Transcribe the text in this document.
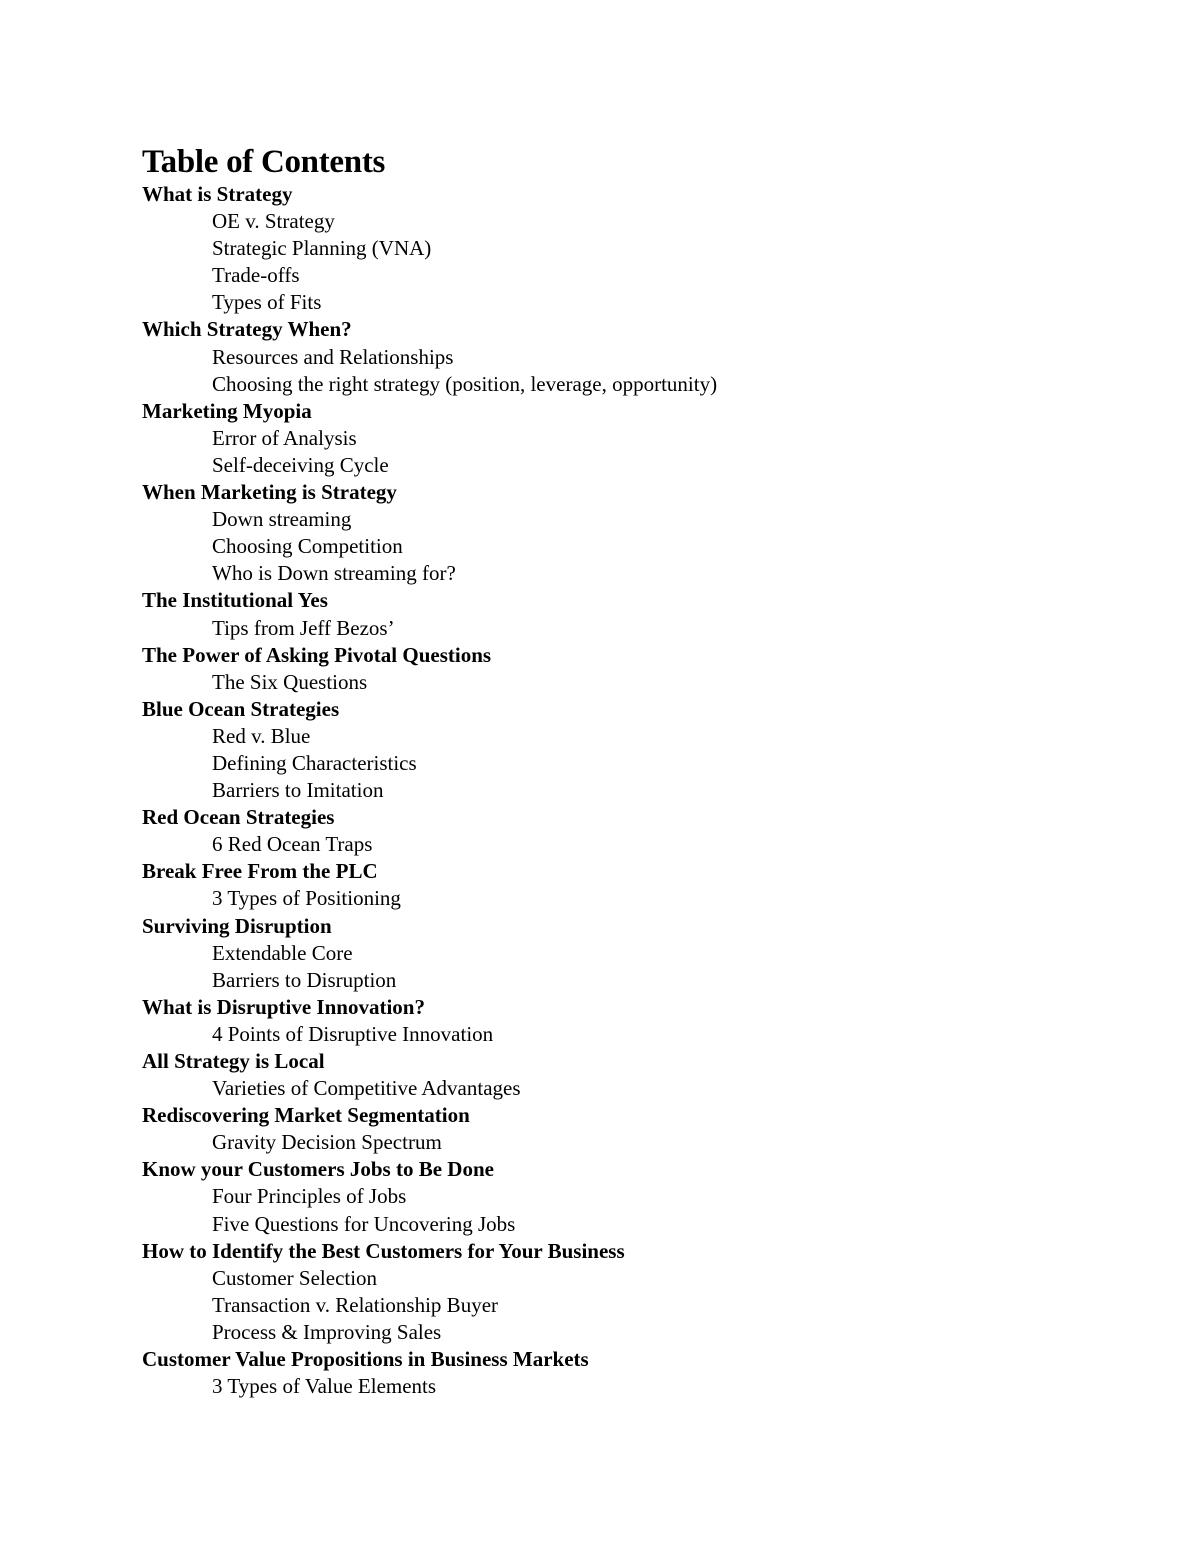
Table of Contents
What is Strategy
OE v. Strategy
Strategic Planning (VNA)
Trade-offs
Types of Fits
Which Strategy When?
Resources and Relationships
Choosing the right strategy (position, leverage, opportunity)
Marketing Myopia
Error of Analysis
Self-deceiving Cycle
When Marketing is Strategy
Down streaming
Choosing Competition
Who is Down streaming for?
The Institutional Yes
Tips from Jeff Bezos’
The Power of Asking Pivotal Questions
The Six Questions
Blue Ocean Strategies
Red v. Blue
Defining Characteristics
Barriers to Imitation
Red Ocean Strategies
6 Red Ocean Traps
Break Free From the PLC
3 Types of Positioning
Surviving Disruption
Extendable Core
Barriers to Disruption
What is Disruptive Innovation?
4 Points of Disruptive Innovation
All Strategy is Local
Varieties of Competitive Advantages
Rediscovering Market Segmentation
Gravity Decision Spectrum
Know your Customers Jobs to Be Done
Four Principles of Jobs
Five Questions for Uncovering Jobs
How to Identify the Best Customers for Your Business
Customer Selection
Transaction v. Relationship Buyer
Process & Improving Sales
Customer Value Propositions in Business Markets
3 Types of Value Elements
